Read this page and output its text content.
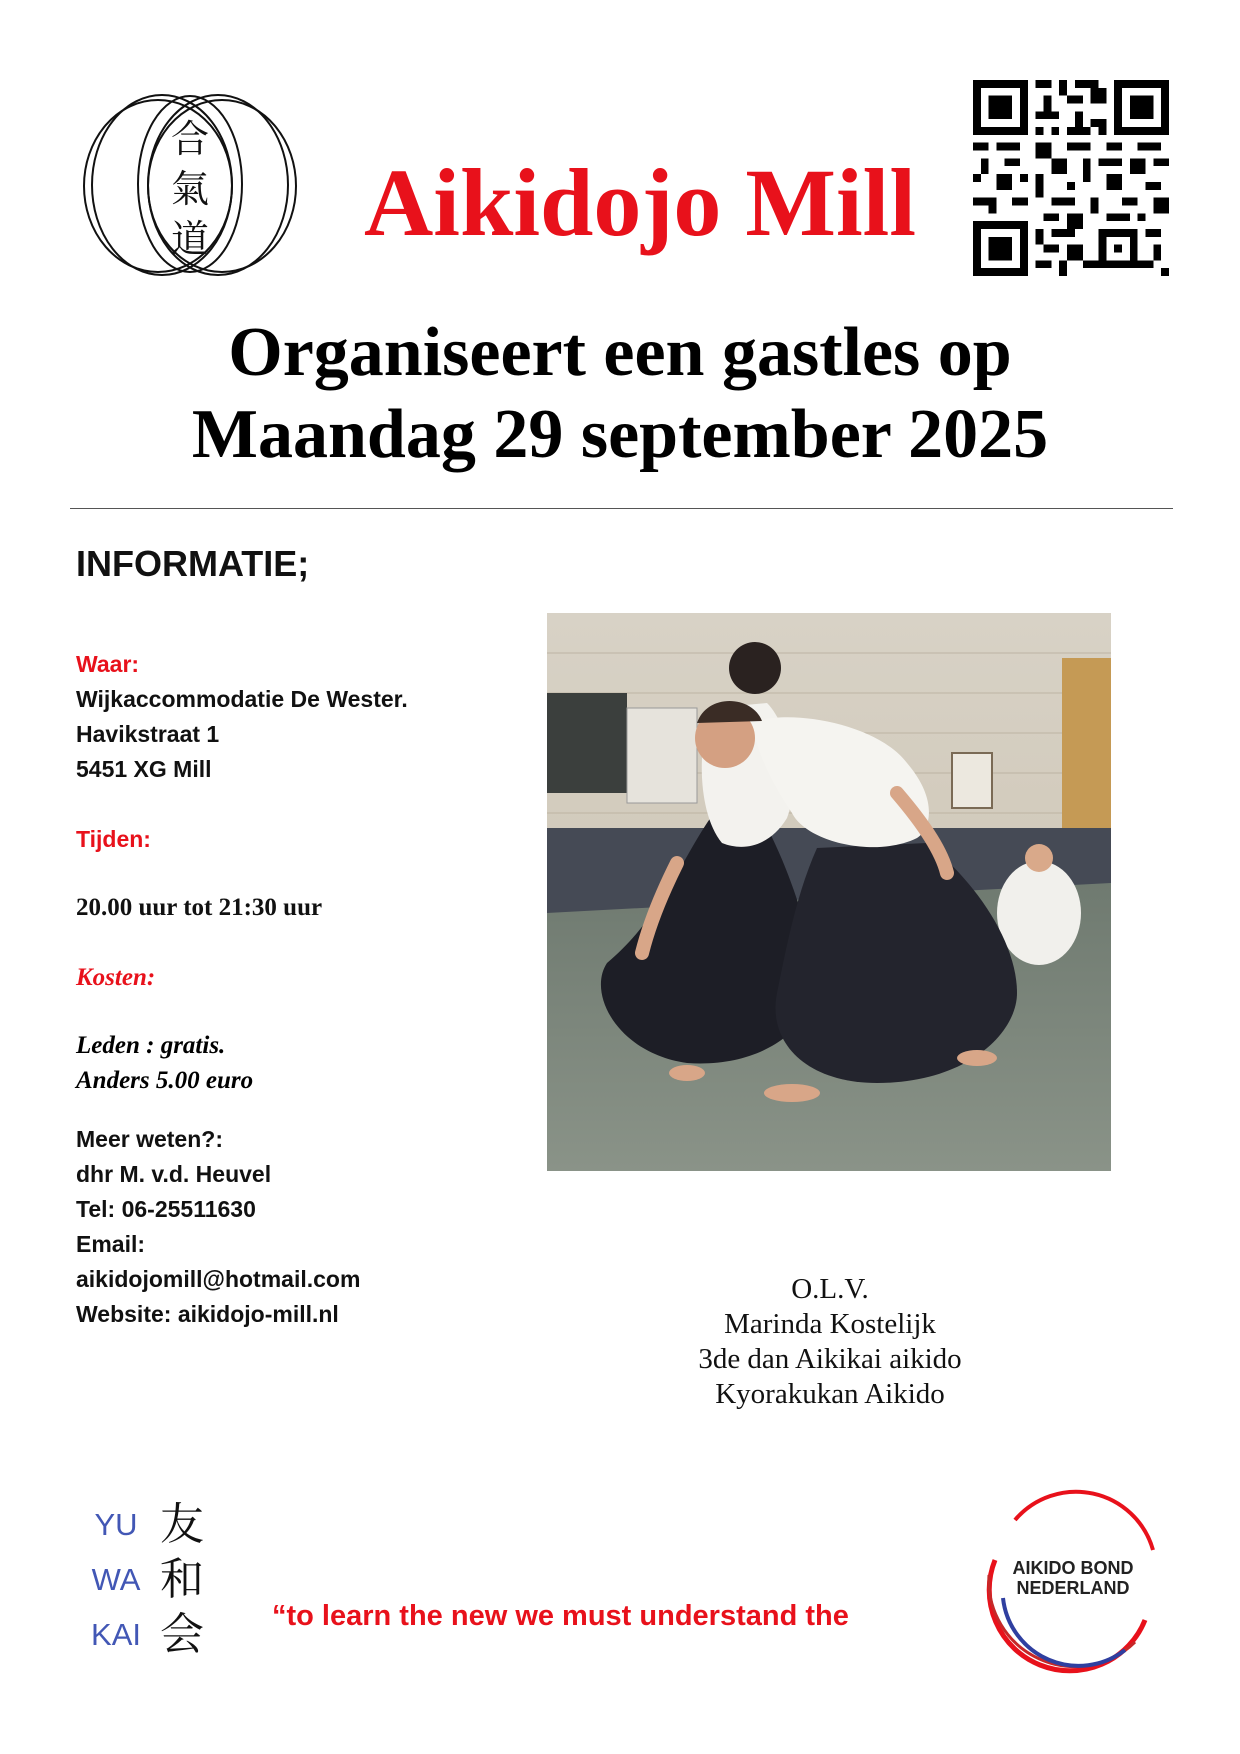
合
氣
道	Aikidojo Mill
Organiseert een gastles op
Maandag 29 september 2025
INFORMATIE;
Waar:
Wijkaccommodatie De Wester.
Havikstraat 1
5451 XG Mill
Tijden:
20.00 uur tot 21:30 uur
Kosten:
Leden : gratis.
Anders 5.00 euro
Meer weten?:
dhr M. v.d. Heuvel
Tel: 06-25511630
Email:
aikidojomill@hotmail.com
Website: aikidojo-mill.nl
O.L.V.
Marinda Kostelijk
3de dan Aikikai aikido
Kyorakukan Aikido
YU 友
WA 和
KAI 会 “to learn the new we must understand the
AIKIDO BOND
NEDERLAND
